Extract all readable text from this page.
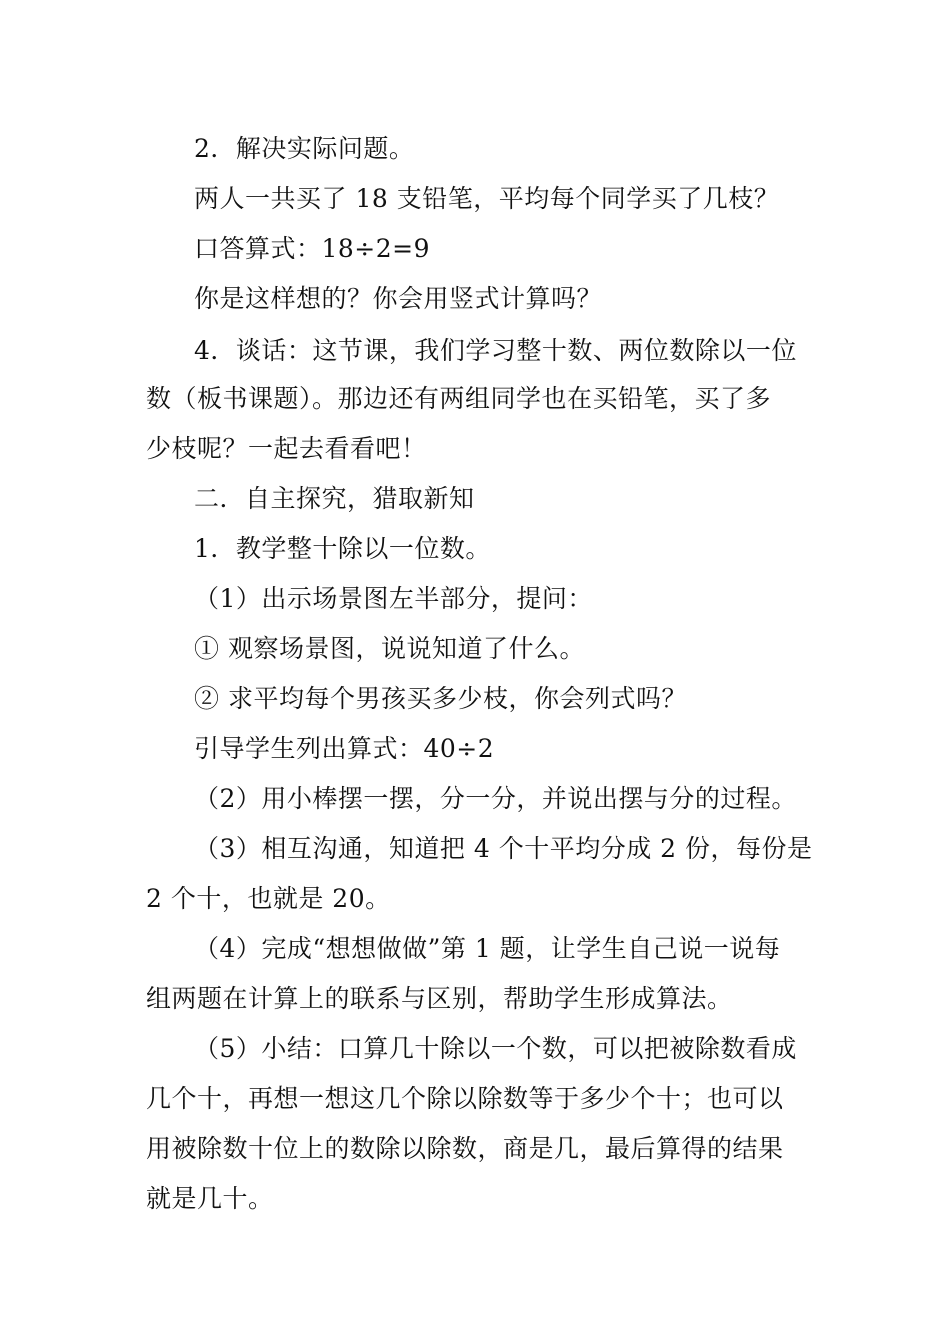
2．解决实际问题。
两人一共买了 18 支铅笔，平均每个同学买了几枝？
口答算式：18÷2=9
你是这样想的？你会用竖式计算吗？
4．谈话：这节课，我们学习整十数、两位数除以一位
数（板书课题）。那边还有两组同学也在买铅笔，买了多
少枝呢？一起去看看吧！
二．自主探究，猎取新知
1．教学整十除以一位数。
（1）出示场景图左半部分，提问：
① 观察场景图，说说知道了什么。
② 求平均每个男孩买多少枝，你会列式吗？
引导学生列出算式：40÷2
（2）用小棒摆一摆，分一分，并说出摆与分的过程。
（3）相互沟通，知道把 4 个十平均分成 2 份，每份是
2 个十，也就是 20。
（4）完成“想想做做”第 1 题，让学生自己说一说每
组两题在计算上的联系与区别，帮助学生形成算法。
（5）小结：口算几十除以一个数，可以把被除数看成
几个十，再想一想这几个除以除数等于多少个十；也可以
用被除数十位上的数除以除数，商是几，最后算得的结果
就是几十。
